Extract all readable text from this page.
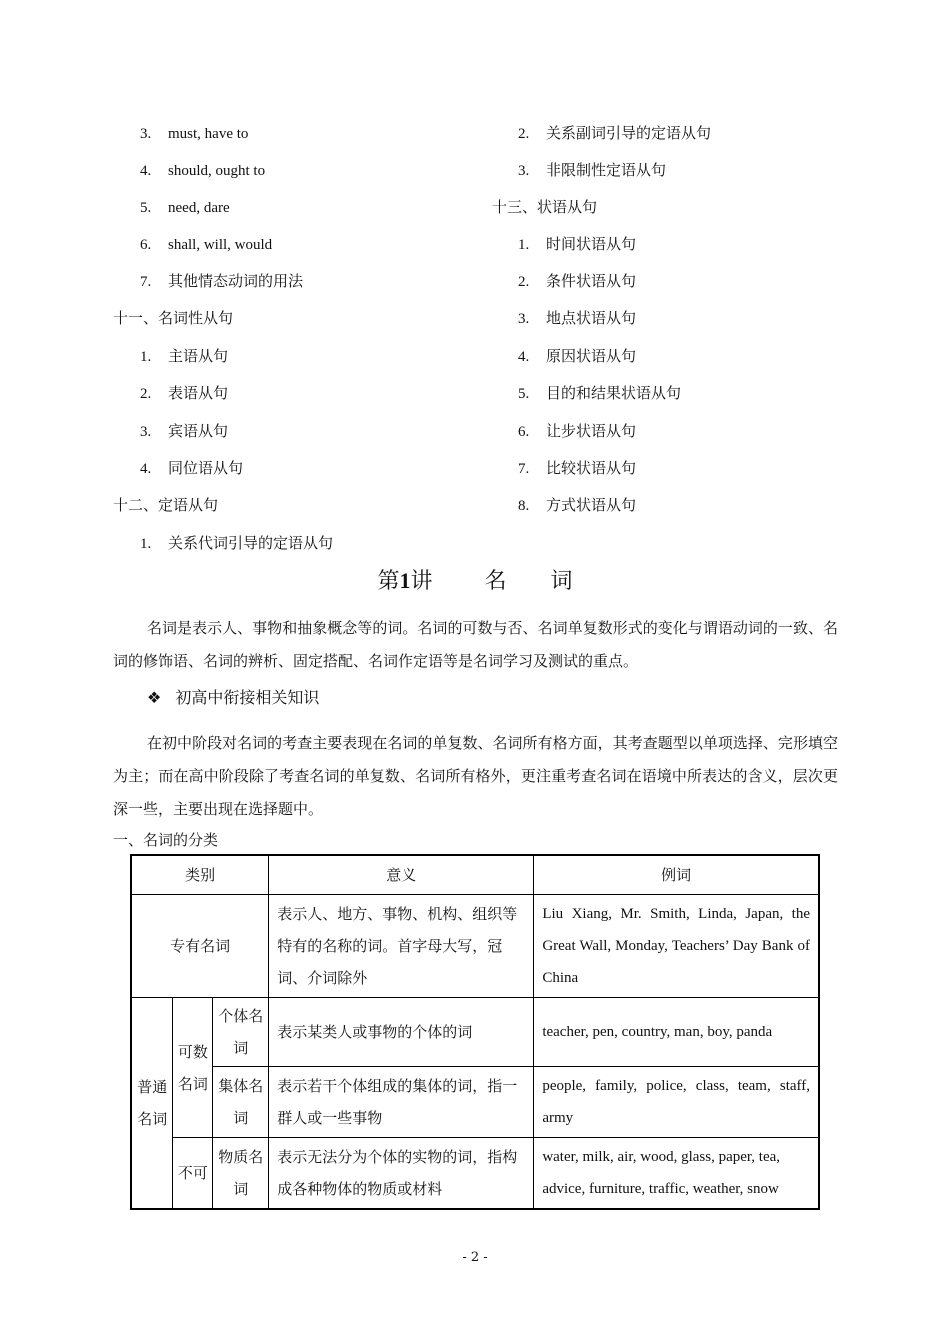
3. must, have to
4. should, ought to
5. need, dare
6. shall, will, would
7. 其他情态动词的用法
十一、名词性从句
1. 主语从句
2. 表语从句
3. 宾语从句
4. 同位语从句
十二、定语从句
1. 关系代词引导的定语从句
2. 关系副词引导的定语从句
3. 非限制性定语从句
十三、状语从句
1. 时间状语从句
2. 条件状语从句
3. 地点状语从句
4. 原因状语从句
5. 目的和结果状语从句
6. 让步状语从句
7. 比较状语从句
8. 方式状语从句
第1讲 名 词
名词是表示人、事物和抽象概念等的词。名词的可数与否、名词单复数形式的变化与谓语动词的一致、名词的修饰语、名词的辨析、固定搭配、名词作定语等是名词学习及测试的重点。
❖ 初高中衔接相关知识
在初中阶段对名词的考查主要表现在名词的单复数、名词所有格方面，其考查题型以单项选择、完形填空为主；而在高中阶段除了考查名词的单复数、名词所有格外，更注重考查名词在语境中所表达的含义，层次更深一些，主要出现在选择题中。
一、名词的分类
类别			意义	例词
专有名词			表示人、地方、事物、机构、组织等特有的名称的词。首字母大写，冠词、介词除外	Liu Xiang, Mr. Smith, Linda, Japan, the Great Wall, Monday, Teachers’ Day Bank of China
普通名词	可数名词	个体名词	表示某类人或事物的个体的词	teacher, pen, country, man, boy, panda
		集体名词	表示若干个体组成的集体的词，指一群人或一些事物	people, family, police, class, team, staff, army
	不可	物质名词	表示无法分为个体的实物的词，指构成各种物体的物质或材料	water, milk, air, wood, glass, paper, tea, advice, furniture, traffic, weather, snow
- 2 -
